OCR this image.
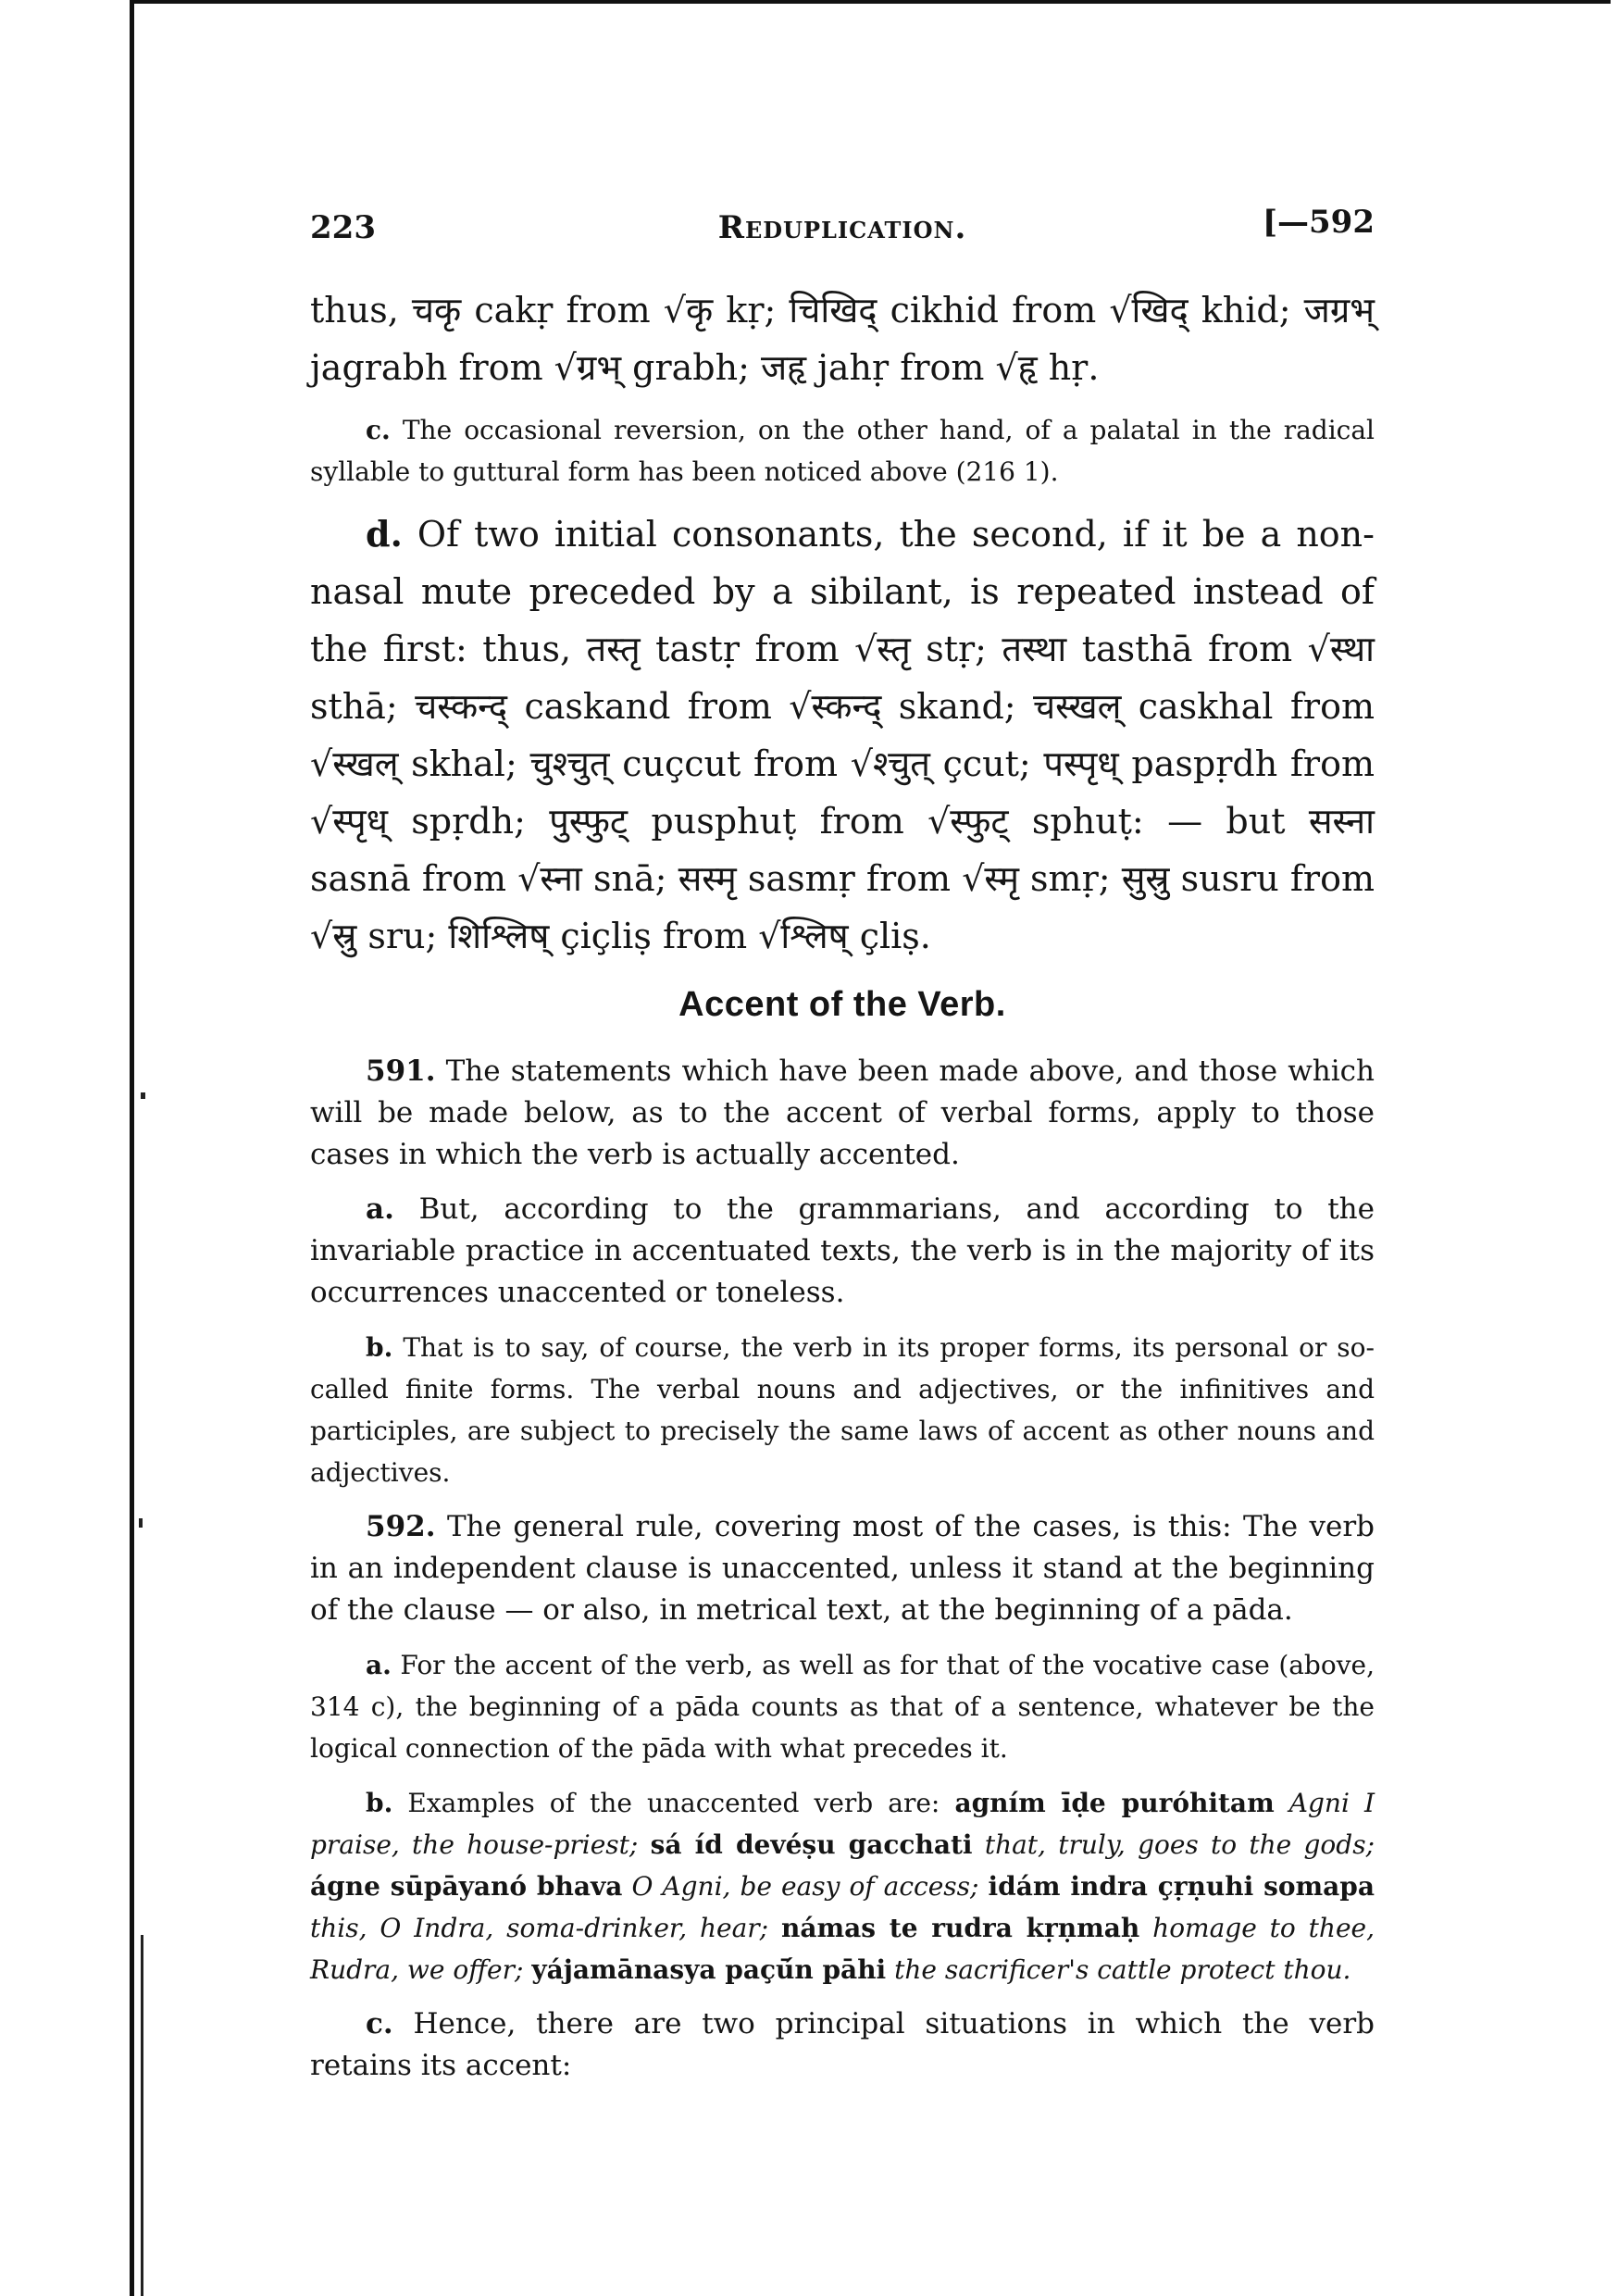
223	Reduplication.	[—592

thus, चकृ cakṛ from √कृ kṛ; चिखिद् cikhid from √खिद् khid; जग्रभ् jagrabh from √ग्रभ् grabh; जहृ jahṛ from √हृ hṛ.

c. The occasional reversion, on the other hand, of a palatal in the radical syllable to guttural form has been noticed above (216 1).

d. Of two initial consonants, the second, if it be a non-nasal mute preceded by a sibilant, is repeated instead of the first: thus, तस्तृ tastṛ from √स्तृ stṛ; तस्था tasthā from √स्था sthā; चस्कन्द् caskand from √स्कन्द् skand; चस्खल् caskhal from √स्खल् skhal; चुश्चुत् cuçcut from √श्चुत् çcut; पस्पृध् paspṛdh from √स्पृध् spṛdh; पुस्फुट् pusphuṭ from √स्फुट् sphuṭ: — but सस्ना sasnā from √स्ना snā; सस्मृ sasmṛ from √स्मृ smṛ; सुस्रु susru from √स्रु sru; शिश्लिष् çiçliṣ from √श्लिष् çliṣ.

Accent of the Verb.

591. The statements which have been made above, and those which will be made below, as to the accent of verbal forms, apply to those cases in which the verb is actually accented.

a. But, according to the grammarians, and according to the invariable practice in accentuated texts, the verb is in the majority of its occurrences unaccented or toneless.

b. That is to say, of course, the verb in its proper forms, its personal or so-called finite forms. The verbal nouns and adjectives, or the infinitives and participles, are subject to precisely the same laws of accent as other nouns and adjectives.

592. The general rule, covering most of the cases, is this: The verb in an independent clause is unaccented, unless it stand at the beginning of the clause — or also, in metrical text, at the beginning of a pāda.

a. For the accent of the verb, as well as for that of the vocative case (above, 314 c), the beginning of a pāda counts as that of a sentence, whatever be the logical connection of the pāda with what precedes it.

b. Examples of the unaccented verb are: agním īḍe puróhitam Agni I praise, the house-priest; sá íd devéṣu gacchati that, truly, goes to the gods; ágne sūpāyanó bhava O Agni, be easy of access; idám indra çṛṇuhi somapa this, O Indra, soma-drinker, hear; námas te rudra kṛṇmaḥ homage to thee, Rudra, we offer; yájamānasya paçū́n pāhi the sacrificer's cattle protect thou.

c. Hence, there are two principal situations in which the verb retains its accent:
